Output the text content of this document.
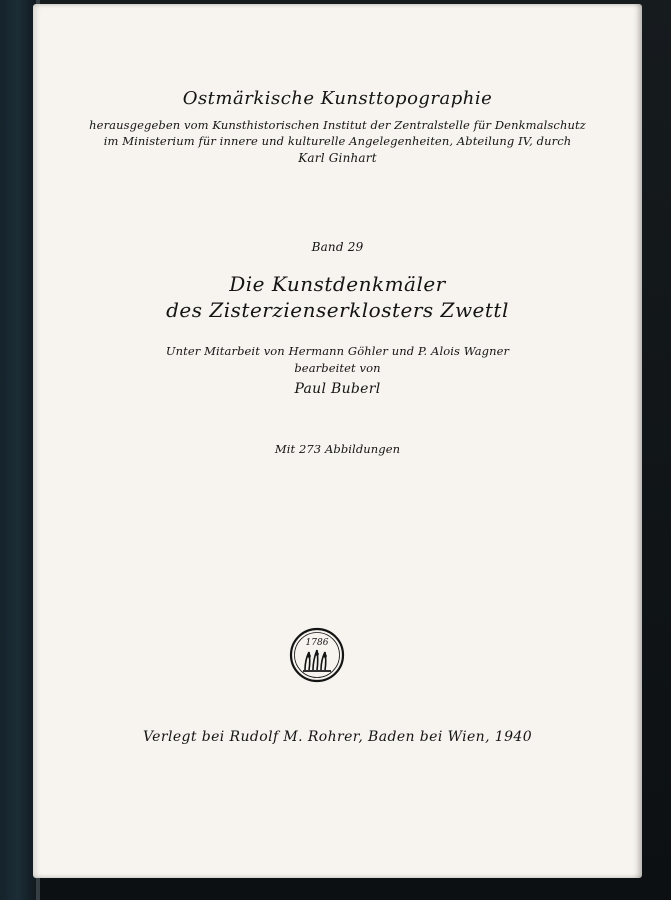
Ostmärkische Kunsttopographie
herausgegeben vom Kunsthistorischen Institut der Zentralstelle für Denkmalschutz
im Ministerium für innere und kulturelle Angelegenheiten, Abteilung IV, durch
Karl Ginhart
Band 29
Die Kunstdenkmäler
des Zisterzienserklosters Zwettl
Unter Mitarbeit von Hermann Göhler und P. Alois Wagner
bearbeitet von
Paul Buberl
Mit 273 Abbildungen
1786
Verlegt bei Rudolf M. Rohrer, Baden bei Wien, 1940
